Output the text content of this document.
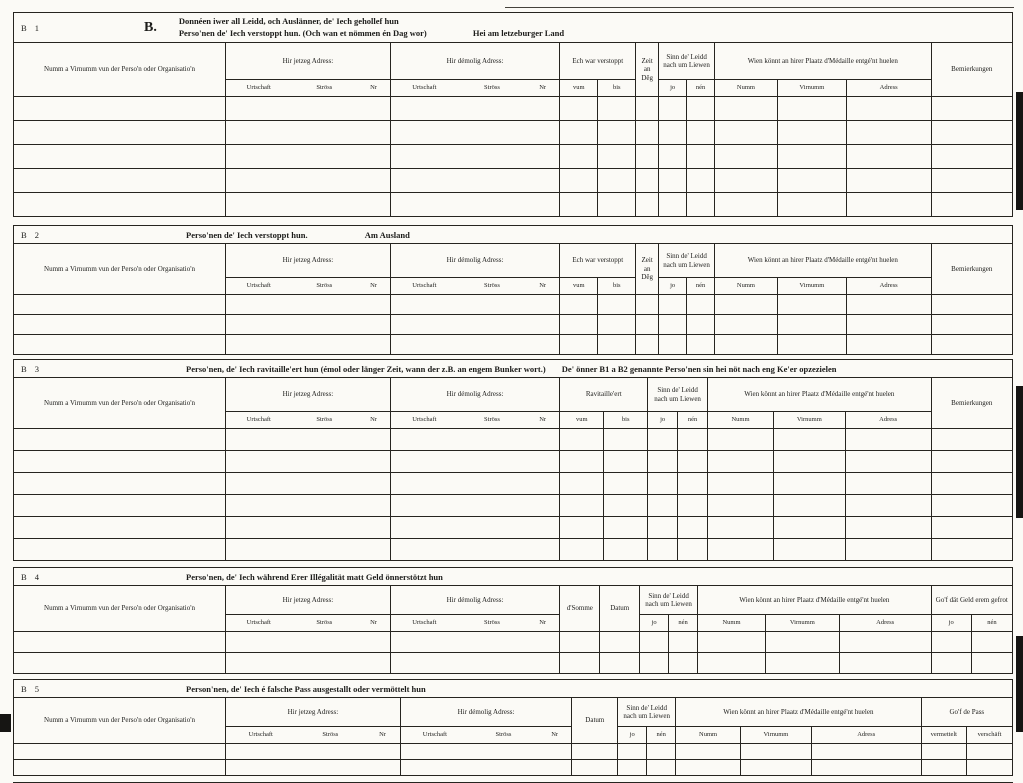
B 1	B.	Donnéen iwer all Leidd, och Auslänner, de' Iech gehollef hun
Perso'nen de' Iech verstoppt hun. (Och wan et nömmen én Dag wor)	Hei am letzeburger Land
Numm a Virnumm vun der Perso'n oder Organisatio'n	Hir jetzeg Adress:			Hir démolig Adress:			Ech war verstoppt		Zeit an Dêg	Sinn de' Leidd nach um Liewen		Wien könnt an hirer Plaatz d'Médaille entgé'nt huelen			Bemierkungen
	Urtschaft	Ströss	Nr	Urtschaft	Ströss	Nr	vum	bis		jo	nén	Numm	Virnumm	Adress	

B 2	Perso'nen de' Iech verstoppt hun.	Am Ausland
Numm a Virnumm vun der Perso'n oder Organisatio'n	Hir jetzeg Adress:			Hir démolig Adress:			Ech war verstoppt		Zeit an Dêg	Sinn de' Leidd nach um Liewen		Wien könnt an hirer Plaatz d'Médaille entgé'nt huelen			Bemierkungen
	Urtschaft	Ströss	Nr	Urtschaft	Ströss	Nr	vum	bis		jo	nén	Numm	Virnumm	Adress	

B 3	Perso'nen, de' Iech ravitaille'ert hun (émol oder länger Zeit, wann der z.B. an engem Bunker wort.) De' önner B1 a B2 genannte Perso'nen sin hei nöt nach eng Ke'er opzezielen
Numm a Virnumm vun der Perso'n oder Organisatio'n	Hir jetzeg Adress:			Hir démolig Adress:			Ravitaille'ert		Sinn de' Leidd nach um Liewen		Wien könnt an hirer Plaatz d'Médaille entgé'nt huelen			Bemierkungen
	Urtschaft	Ströss	Nr	Urtschaft	Ströss	Nr	vum	bis	jo	nén	Numm	Virnumm	Adress	

B 4	Perso'nen, de' Iech während Erer Illégalität matt Geld önnerstötzt hun
Numm a Virnumm vun der Perso'n oder Organisatio'n	Hir jetzeg Adress:			Hir démolig Adress:			d'Somme	Datum	Sinn de' Leidd nach um Liewen		Wien könnt an hirer Plaatz d'Médaille entgé'nt huelen			Go'f dät Geld erem gefrot	
	Urtschaft	Ströss	Nr	Urtschaft	Ströss	Nr			jo	nén	Numm	Virnumm	Adress	jo	nén

B 5	Person'nen, de' Iech é falsche Pass ausgestallt oder vermöttelt hun
Numm a Virnumm vun der Perso'n oder Organisatio'n	Hir jetzeg Adress:			Hir démolig Adress:			Datum	Sinn de' Leidd nach um Liewen		Wien könnt an hirer Plaatz d'Médaille entgé'nt huelen			Go'f de Pass	
	Urtschaft	Ströss	Nr	Urtschaft	Ströss	Nr		jo	nén	Numm	Virnumm	Adress	vermettelt	verschäft
